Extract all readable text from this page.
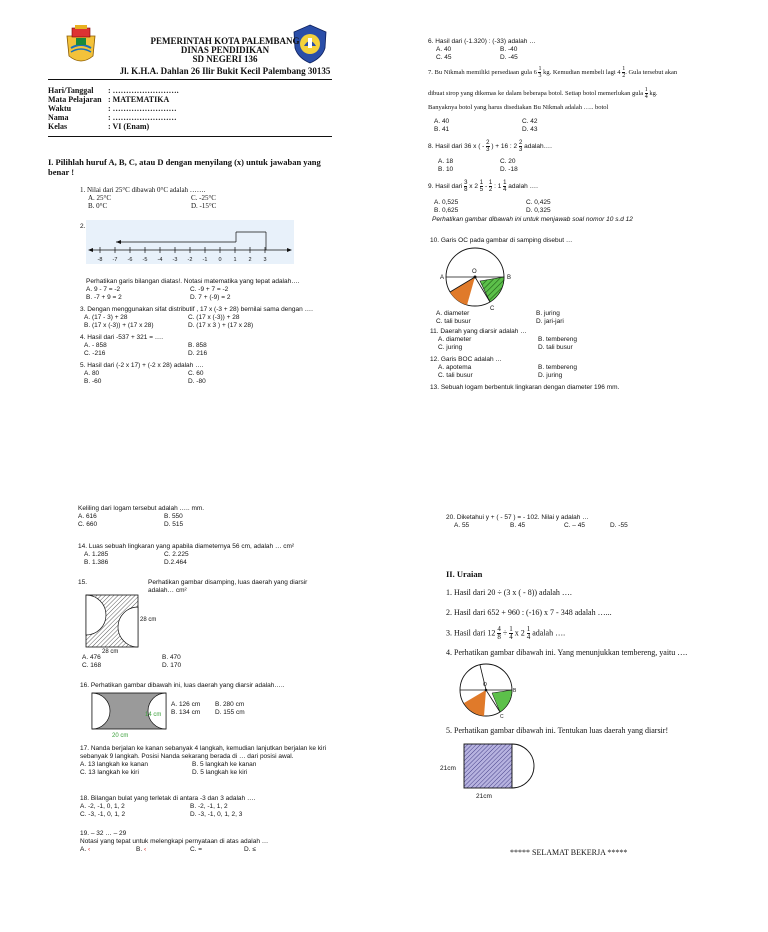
PEMERINTAH KOTA PALEMBANG
DINAS PENDIDIKAN
SD NEGERI 136
Jl. K.H.A. Dahlan 26 Ilir Bukit Kecil Palembang 30135
Hari/Tanggal : …………………….
Mata Pelajaran : MATEMATIKA
Waktu	: ……………………
Nama	: ……………………
Kelas	: VI (Enam)
I. Pilihlah huruf A, B, C, atau D dengan menyilang (x) untuk jawaban yang
benar !
1. Nilai dari 25°C dibawah 0°C adalah …….
A. 25°C	C. -25°C
B. 0°C	D. -15°C
2.
-8 -7 -6 -5 -4 -3 -2 -1 0 1 2 3
Perhatikan garis bilangan diatas!. Notasi matematika yang tepat adalah….
A. 9 - 7 = -2	C. -9 + 7 = -2
B. -7 + 9 = 2	D. 7 + (-9) = 2
3. Dengan menggunakan sifat distributif , 17 x (-3 + 28) bernilai sama dengan ….
A. (17 - 3) + 28	C. (17 x (-3)) + 28
B. (17 x (-3)) + (17 x 28)	D. (17 x 3 ) + (17 x 28)
4. Hasil dari -537 + 321 = ….
A. - 858	B. 858
C. -216	D. 216
5. Hasil dari (-2 x 17) + (-2 x 28) adalah ….
A. 80	C. 60
B. -60	D. -80
6. Hasil dari (-1.320) : (-33) adalah …
A. 40	B. -40
C. 45	D. -45
7. Bu Nikmah memiliki persediaan gula $6 \frac{1}{3}$ kg. Kemudian membeli lagi $4 \frac{1}{2}$ . Gula tersebut akan
dibuat sirop yang dikemas ke dalam beberapa botol. Setiap botol memerlukan gula $\frac{1}{4}$ kg.
Banyaknya botol yang harus disediakan Bu Nikmah adalah ….. botol
A. 40	C. 42
B. 41	D. 43
8. Hasil dari 36 x ( - $\frac{2}{3}$ ) + 16 : $2 \frac{2}{3}$ adalah….
A. 18	C. 20
B. 10	D. -18
9. Hasil dari $\frac{3}{8}$ x $2 \frac{1}{5} - \frac{1}{2}$ : $1 \frac{1}{4}$ adalah ….
A. 0,525	C. 0,425
B. 0,625	D. 0,325
Perhatikan gambar dibawah ini untuk menjawab soal nomor 10 s.d 12
10. Garis OC pada gambar di samping disebut …
O
A	B
C
A. diameter	B. juring
C. tali busur	D. jari-jari
11. Daerah yang diarsir adalah …
A. diameter	B. tembereng
C. juring	D. tali busur
12. Garis BOC adalah …
A. apotema	B. tembereng
C. tali busur	D. juring
13. Sebuah logam berbentuk lingkaran dengan diameter 196 mm.
Keliling dari logam tersebut adalah ….. mm.
A. 616	B. 550
C. 660	D. 515
14. Luas sebuah lingkaran yang apabila diameternya 56 cm, adalah … cm²
A. 1.285	C. 2.225
B. 1.386	D.2.464
15.	Perhatikan gambar disamping, luas daerah yang diarsir
adalah… cm²
28 cm
28 cm
A. 476	B. 470
C. 168	D. 170
16. Perhatikan gambar dibawah ini, luas daerah yang diarsir adalah…..
14 cm
20 cm
A. 126 cm B. 280 cm
B. 134 cm D. 155 cm
17. Nanda berjalan ke kanan sebanyak 4 langkah, kemudian lanjutkan berjalan ke kiri
sebanyak 9 langkah. Posisi Nanda sekarang berada di … dari posisi awal.
A. 13 langkah ke kanan	B. 5 langkah ke kanan
C. 13 langkah ke kiri	D. 5 langkah ke kiri
18. Bilangan bulat yang terletak di antara -3 dan 3 adalah ….
A. -2, -1, 0, 1, 2	B. -2, -1, 1, 2
C. -3, -1, 0, 1, 2	D. -3, -1, 0, 1, 2, 3
19. – 32 … – 29
Notasi yang tepat untuk melengkapi pernyataan di atas adalah …
A. ‹	B. ‹	C. =	D. ≤
20. Diketahui y + ( - 57 ) = - 102. Nilai y adalah …
A. 55	B. 45	C. – 45	D. -55
II. Uraian
1. Hasil dari 20 ÷ (3 x ( - 8)) adalah ….
2. Hasil dari 652 + 960 : (-16) x 7 - 348 adalah …...
3. Hasil dari $12 \frac{4}{8} \div \frac{1}{4}$ x $2 \frac{1}{4}$ adalah ….
4. Perhatikan gambar dibawah ini. Yang menunjukkan tembereng, yaitu ….
O
B
C
5. Perhatikan gambar dibawah ini. Tentukan luas daerah yang diarsir!
21cm
21cm
***** SELAMAT BEKERJA *****
